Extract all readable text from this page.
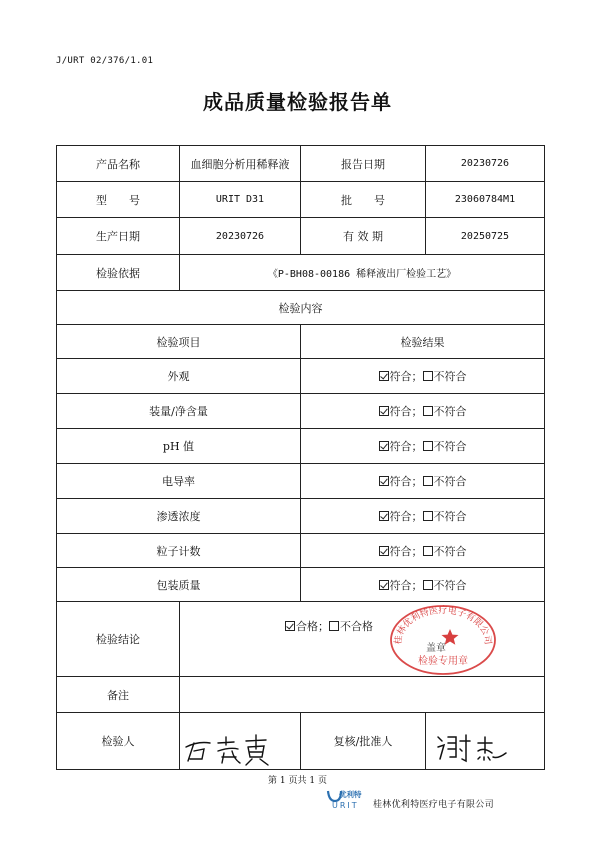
J/URT 02/376/1.01
成品质量检验报告单
产品名称	血细胞分析用稀释液	报告日期	20230726
型　　号	URIT D31	批　　号	23060784M1
生产日期	20230726	有 效 期	20250725
检验依据	《P-BH08-00186 稀释液出厂检验工艺》		
检验内容			
检验项目		检验结果	
外观		符合； 不符合	
装量/净含量		符合； 不符合	
pH 值		符合； 不符合	
电导率		符合； 不符合	
渗透浓度		符合； 不符合	
粒子计数		符合； 不符合	
包装质量		符合； 不符合	
检验结论	合格； 不合格
桂林优利特医疗电子有限公司
盖章
检验专用章		

备注			
检验人		复核/批准人	
第 1 页共 1 页
优利特
URIT 桂林优利特医疗电子有限公司
